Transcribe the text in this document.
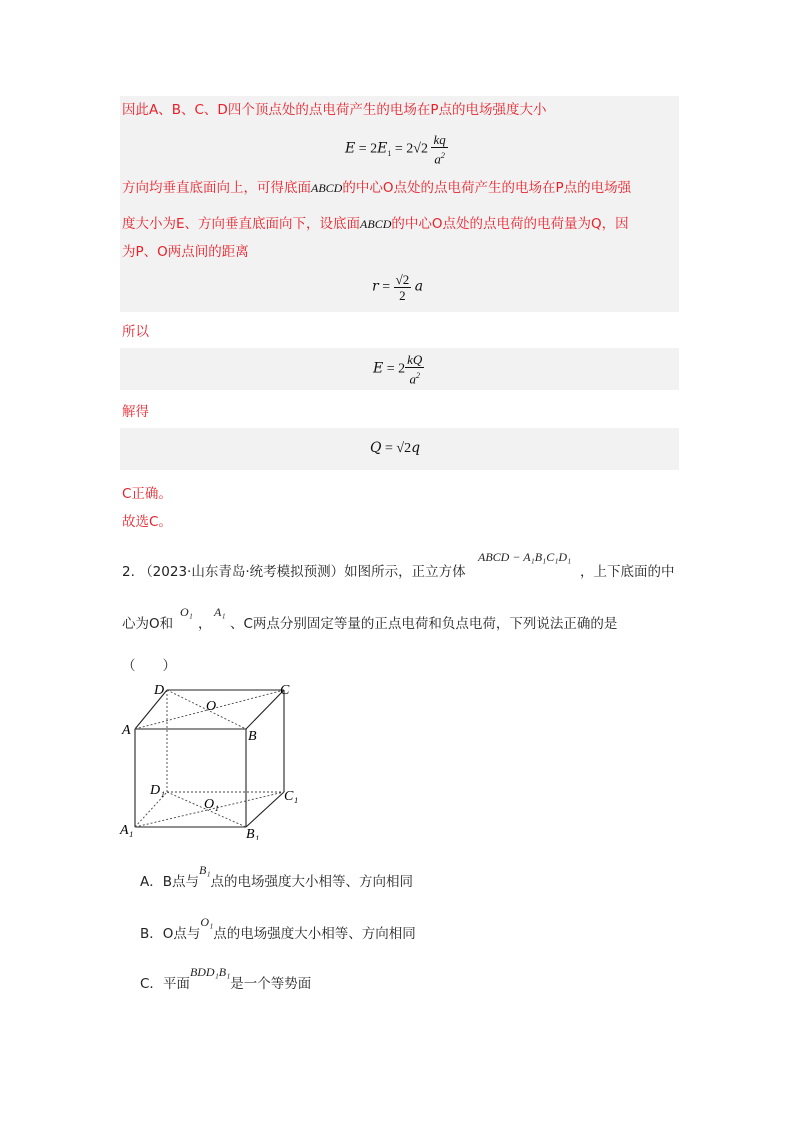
因此A、B、C、D四个顶点处的点电荷产生的电场在P点的电场强度大小
$E = 2E_1 = 2√2 \frac{kq}{a^2}$
方向均垂直底面向上，可得底面ABCD的中心O点处的点电荷产生的电场在P点的电场强
度大小为E、方向垂直底面向下，设底面ABCD的中心O点处的点电荷的电荷量为Q，因
为P、O两点间的距离
$r = \frac{√2}{2}$ a
所以
$E = 2 \frac{kQ}{a^2}$
解得
Q = √2q
C正确。
故选C。
2. （2023·山东青岛·统考模拟预测）如图所示，正立方体
ABCD − A₁B₁C₁D₁
，上下底面的中
心为O和
O₁
，
A₁
、C两点分别固定等量的正点电荷和负点电荷，下列说法正确的是
（　　）
D	C
O
A	B
D₁	C₁
O₁
A₁	B₁
A．B点与B₁点的电场强度大小相等、方向相同
B．O点与O₁点的电场强度大小相等、方向相同
C．平面BDD₁B₁是一个等势面
